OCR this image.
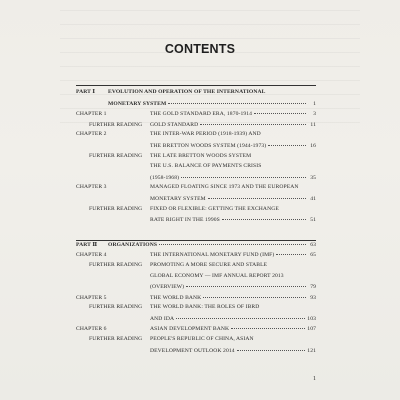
CONTENTS
PART Ⅰ EVOLUTION AND OPERATION OF THE INTERNATIONAL
MONETARY SYSTEM	1
CHAPTER 1	THE GOLD STANDARD ERA, 1870-1914	3
FURTHER READING GOLD STANDARD	11
CHAPTER 2	THE INTER-WAR PERIOD (1918-1939) AND
THE BRETTON WOODS SYSTEM (1944-1973)	16
FURTHER READING THE LATE BRETTON WOODS SYSTEM
THE U.S. BALANCE OF PAYMENTS CRISIS
(1958-1968)	35
CHAPTER 3	MANAGED FLOATING SINCE 1973 AND THE EUROPEAN
MONETARY SYSTEM	41
FURTHER READING FIXED OR FLEXIBLE: GETTING THE EXCHANGE
RATE RIGHT IN THE 1990S	51
PART Ⅱ ORGANIZATIONS	63
CHAPTER 4	THE INTERNATIONAL MONETARY FUND (IMF)	65
FURTHER READING PROMOTING A MORE SECURE AND STABLE
GLOBAL ECONOMY — IMF ANNUAL REPORT 2013
(OVERVIEW)	79
CHAPTER 5	THE WORLD BANK	93
FURTHER READING THE WORLD BANK: THE ROLES OF IBRD
AND IDA	103
CHAPTER 6	ASIAN DEVELOPMENT BANK	107
FURTHER READING PEOPLE'S REPUBLIC OF CHINA, ASIAN
DEVELOPMENT OUTLOOK 2014	121
1
